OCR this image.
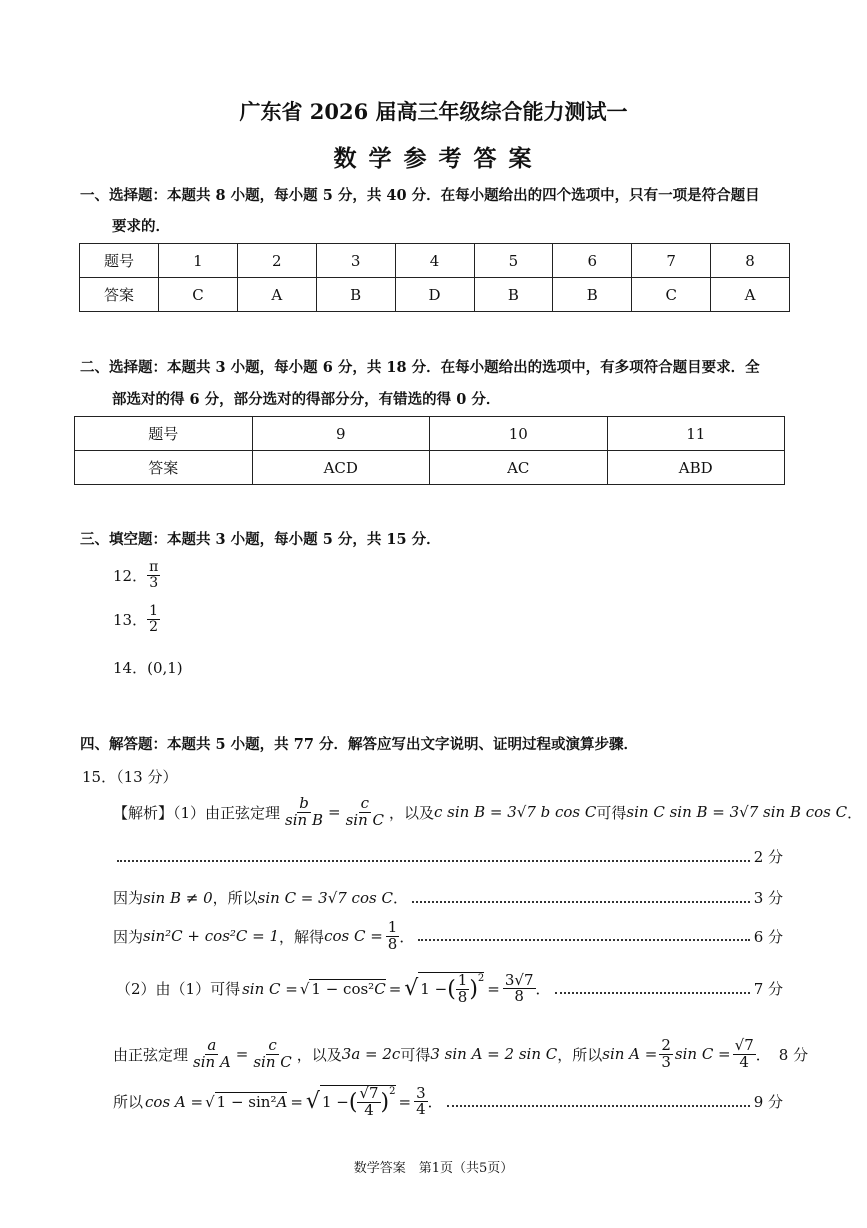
广东省 2026 届高三年级综合能力测试一
数 学 参 考 答 案
一、选择题：本题共 8 小题，每小题 5 分，共 40 分．在每小题给出的四个选项中，只有一项是符合题目
要求的．
题号	1	2	3	4	5	6	7	8
答案	C	A	B	D	B	B	C	A
二、选择题：本题共 3 小题，每小题 6 分，共 18 分．在每小题给出的选项中，有多项符合题目要求．全
部选对的得 6 分，部分选对的得部分分，有错选的得 0 分．
题号	9	10	11
答案	ACD	AC	ABD
三、填空题：本题共 3 小题，每小题 5 分，共 15 分．
12． $\frac{\pi}{3}$
13． $\frac{1}{2}$
14． (0,1)
四、解答题：本题共 5 小题，共 77 分．解答应写出文字说明、证明过程或演算步骤．
15．（13 分）
【解析】（1）由正弦定理 $\frac{b}{\text{sin B}} = \frac{c}{\text{sin C}}$ ，以及 c sin B = 3√7 b cos C 可得 sin C sin B = 3√7 sin B cos C ．
2 分
因为 sin B ≠ 0 ，所以 sin C = 3√7 cos C ．	3 分
因为 sin²C + cos²C = 1 ，解得 $\cos C = \frac{1}{8}$ ．	6 分
（2）由（1）可得 sin C = √ 1 − cos²C = √ 1 − ( $\frac{1}{8} )^2$
= $\frac{3√7}{8}$ ．	7 分
由正弦定理 $\frac{a}{\text{sin A}} = \frac{c}{\text{sin C}}$ ，以及 3a = 2c 可得 3 sin A = 2 sin C ，所以 $\sin A = \frac{2}{3}$ $\sin C = \frac{√7}{4}$ ． 8 分
所以 cos A = √ 1 − sin²A = √ 1 − ( $\frac{√7}{4} )^2$
= $\frac{3}{4}$ ．	9 分
数学答案　第1页（共5页）
